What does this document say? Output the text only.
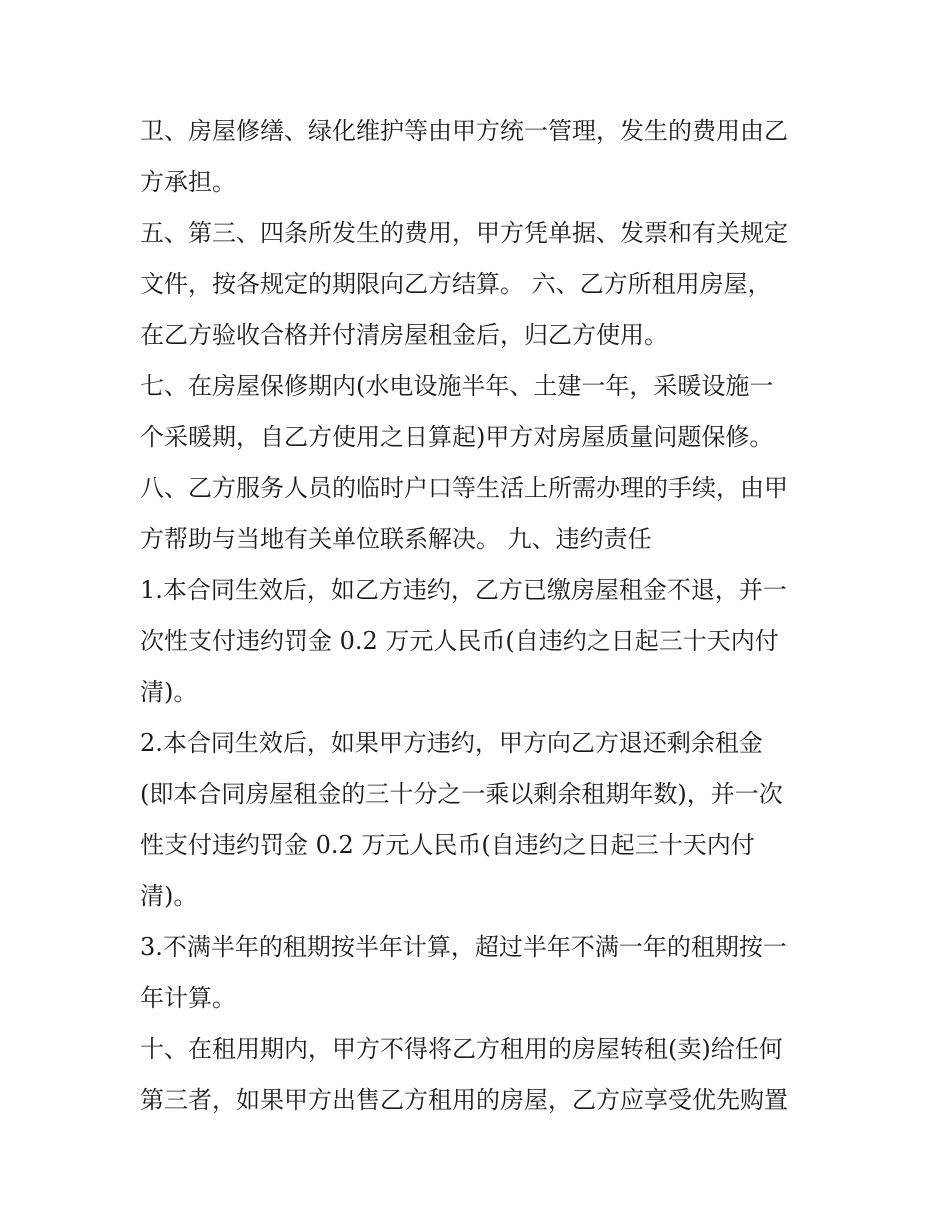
卫、房屋修缮、绿化维护等由甲方统一管理，发生的费用由乙
方承担。
五、第三、四条所发生的费用，甲方凭单据、发票和有关规定
文件，按各规定的期限向乙方结算。 六、乙方所租用房屋，
在乙方验收合格并付清房屋租金后，归乙方使用。
七、在房屋保修期内(水电设施半年、土建一年，采暖设施一
个采暖期，自乙方使用之日算起)甲方对房屋质量问题保修。
八、乙方服务人员的临时户口等生活上所需办理的手续，由甲
方帮助与当地有关单位联系解决。 九、违约责任
1.本合同生效后，如乙方违约，乙方已缴房屋租金不退，并一
次性支付违约罚金 0.2 万元人民币(自违约之日起三十天内付
清)。
2.本合同生效后，如果甲方违约，甲方向乙方退还剩余租金
(即本合同房屋租金的三十分之一乘以剩余租期年数)，并一次
性支付违约罚金 0.2 万元人民币(自违约之日起三十天内付
清)。
3.不满半年的租期按半年计算，超过半年不满一年的租期按一
年计算。
十、在租用期内，甲方不得将乙方租用的房屋转租(卖)给任何
第三者，如果甲方出售乙方租用的房屋，乙方应享受优先购置
